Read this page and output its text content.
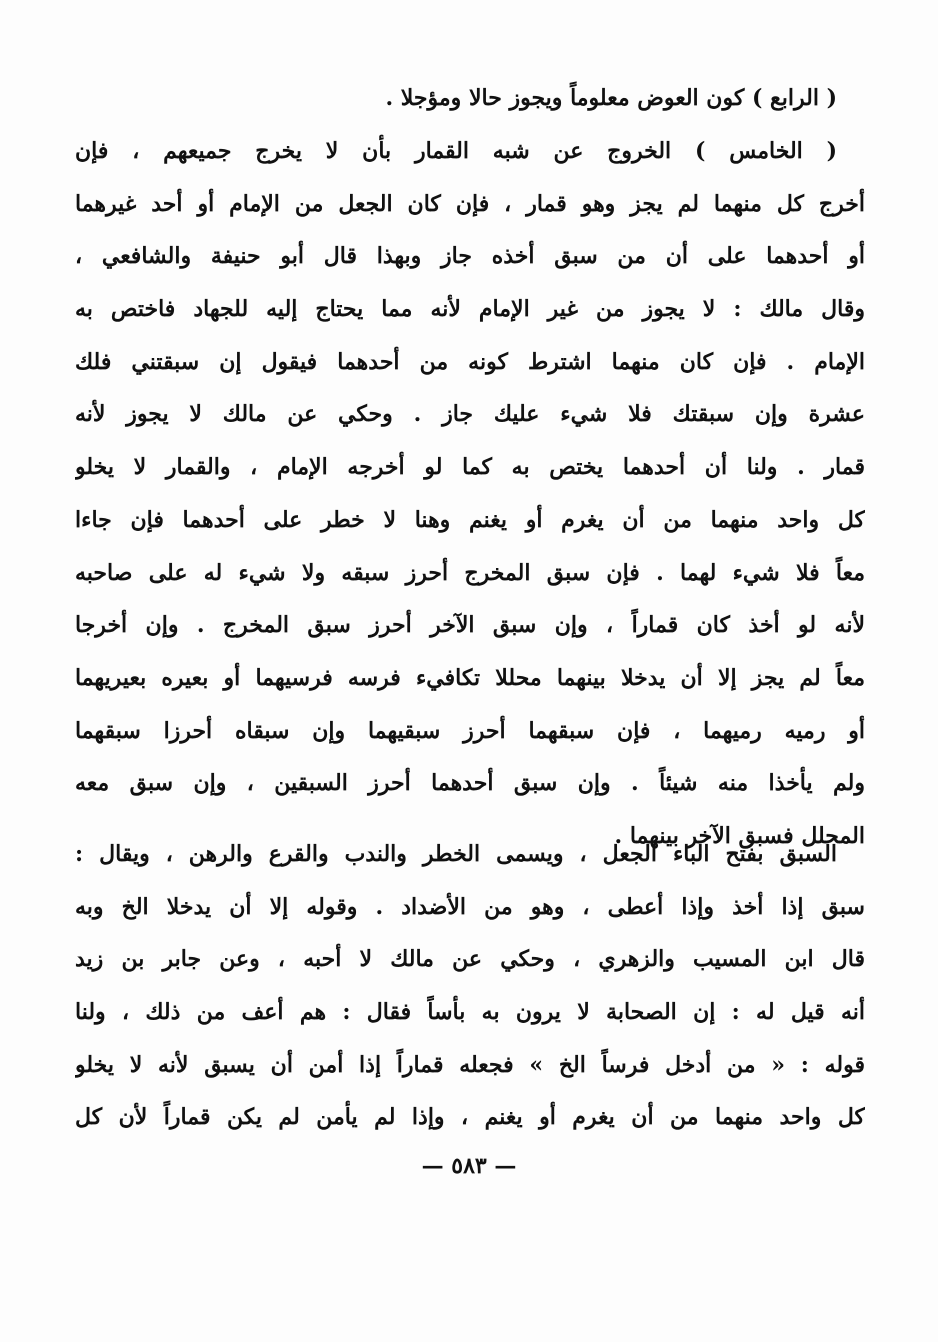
( الرابع ) كون العوض معلوماً ويجوز حالا ومؤجلا .
( الخامس ) الخروج عن شبه القمار بأن لا يخرج جميعهم ، فإن
أخرج كل منهما لم يجز وهو قمار ، فإن كان الجعل من الإمام أو أحد غيرهما
أو أحدهما على أن من سبق أخذه جاز وبهذا قال أبو حنيفة والشافعي ،
وقال مالك : لا يجوز من غير الإمام لأنه مما يحتاج إليه للجهاد فاختص به
الإمام . فإن كان منهما اشترط كونه من أحدهما فيقول إن سبقتني فلك
عشرة وإن سبقتك فلا شيء عليك جاز . وحكي عن مالك لا يجوز لأنه
قمار . ولنا أن أحدهما يختص به كما لو أخرجه الإمام ، والقمار لا يخلو
كل واحد منهما من أن يغرم أو يغنم وهنا لا خطر على أحدهما فإن جاءا
معاً فلا شيء لهما . فإن سبق المخرج أحرز سبقه ولا شيء له على صاحبه
لأنه لو أخذ كان قماراً ، وإن سبق الآخر أحرز سبق المخرج . وإن أخرجا
معاً لم يجز إلا أن يدخلا بينهما محللا تكافيء فرسه فرسيهما أو بعيره بعيريهما
أو رميه رميهما ، فإن سبقهما أحرز سبقيهما وإن سبقاه أحرزا سبقهما
ولم يأخذا منه شيئاً . وإن سبق أحدهما أحرز السبقين ، وإن سبق معه
المحلل فسبق الآخر بينهما .
السبق بفتح الباء الجعل ، ويسمى الخطر والندب والقرع والرهن ، ويقال :
سبق إذا أخذ وإذا أعطى ، وهو من الأضداد . وقوله إلا أن يدخلا الخ وبه
قال ابن المسيب والزهري ، وحكي عن مالك لا أحبه ، وعن جابر بن زيد
أنه قيل له : إن الصحابة لا يرون به بأساً فقال : هم أعف من ذلك ، ولنا
قوله : « من أدخل فرساً الخ » فجعله قماراً إذا أمن أن يسبق لأنه لا يخلو
كل واحد منهما من أن يغرم أو يغنم ، وإذا لم يأمن لم يكن قماراً لأن كل
— ٥٨٣ —
